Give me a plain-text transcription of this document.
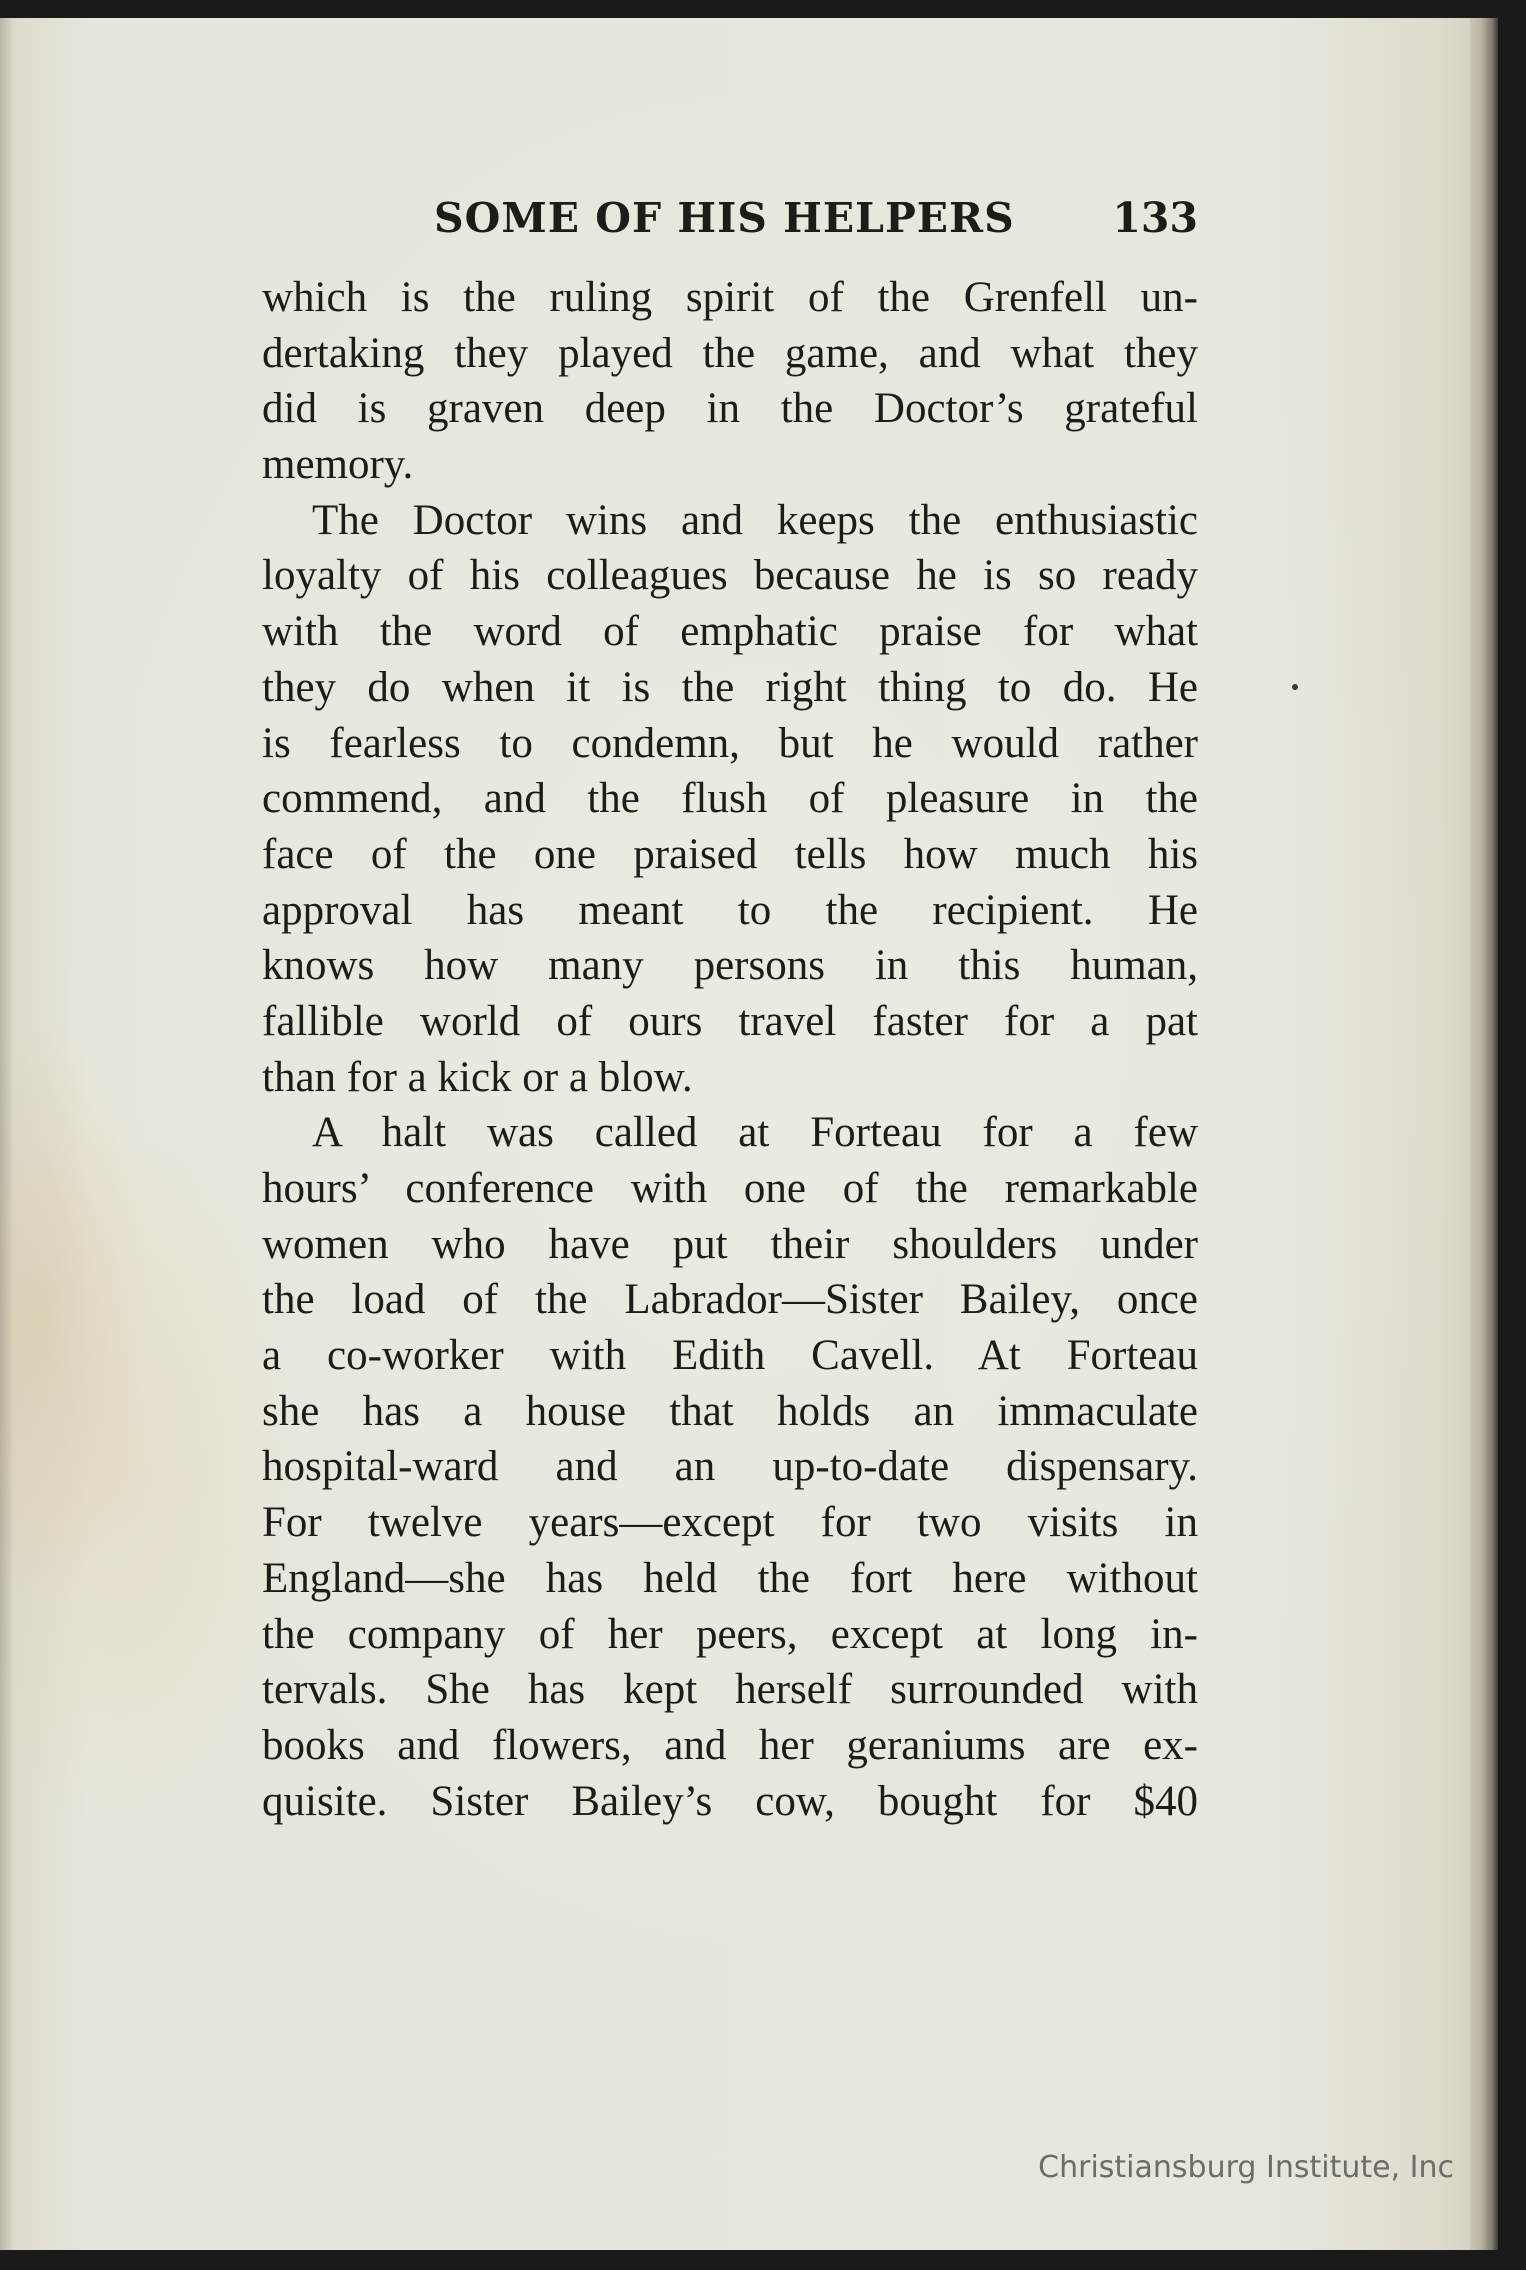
SOME OF HIS HELPERS 133
which is the ruling spirit of the Grenfell un-
dertaking they played the game, and what they
did is graven deep in the Doctor’s grateful
memory.
The Doctor wins and keeps the enthusiastic
loyalty of his colleagues because he is so ready
with the word of emphatic praise for what
they do when it is the right thing to do. He
is fearless to condemn, but he would rather
commend, and the flush of pleasure in the
face of the one praised tells how much his
approval has meant to the recipient. He
knows how many persons in this human,
fallible world of ours travel faster for a pat
than for a kick or a blow.
A halt was called at Forteau for a few
hours’ conference with one of the remarkable
women who have put their shoulders under
the load of the Labrador—Sister Bailey, once
a co-worker with Edith Cavell. At Forteau
she has a house that holds an immaculate
hospital-ward and an up-to-date dispensary.
For twelve years—except for two visits in
England—she has held the fort here without
the company of her peers, except at long in-
tervals. She has kept herself surrounded with
books and flowers, and her geraniums are ex-
quisite. Sister Bailey’s cow, bought for $40
Christiansburg Institute, Inc
